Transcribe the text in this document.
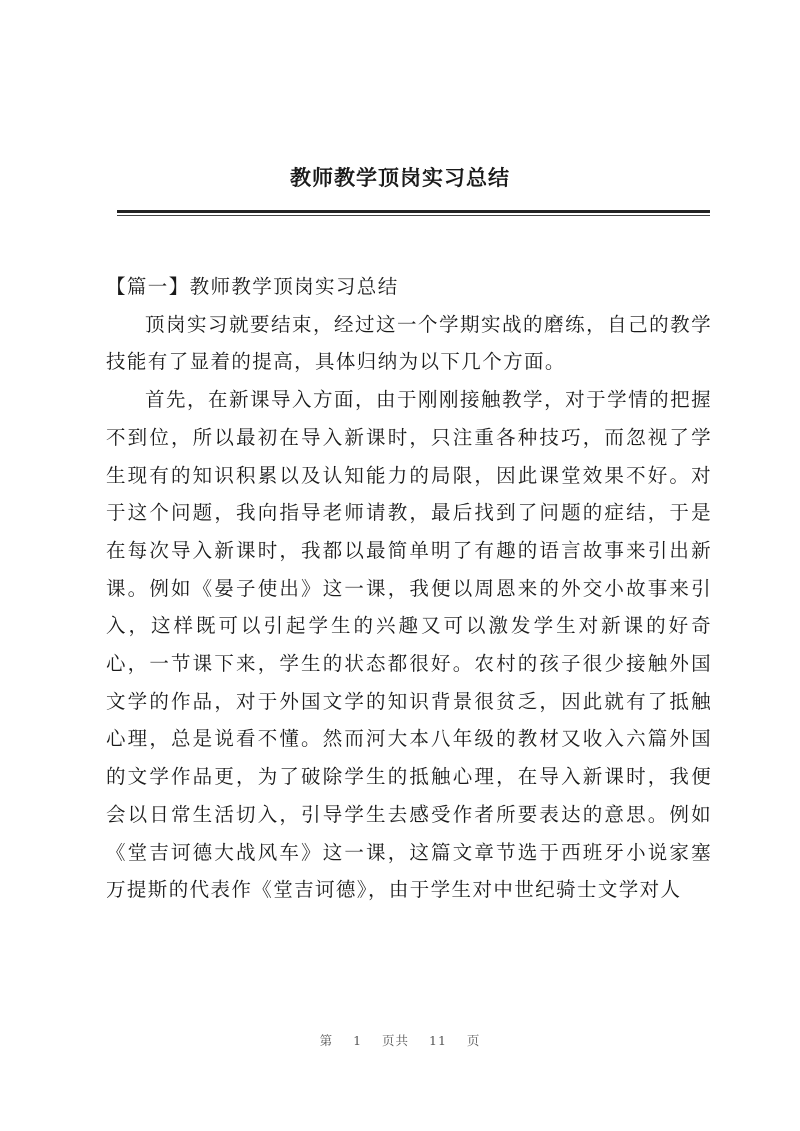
教师教学顶岗实习总结

【篇一】教师教学顶岗实习总结

顶岗实习就要结束，经过这一个学期实战的磨练，自己的教学技能有了显着的提高，具体归纳为以下几个方面。

首先，在新课导入方面，由于刚刚接触教学，对于学情的把握不到位，所以最初在导入新课时，只注重各种技巧，而忽视了学生现有的知识积累以及认知能力的局限，因此课堂效果不好。对于这个问题，我向指导老师请教，最后找到了问题的症结，于是在每次导入新课时，我都以最简单明了有趣的语言故事来引出新课。例如《晏子使出》这一课，我便以周恩来的外交小故事来引入，这样既可以引起学生的兴趣又可以激发学生对新课的好奇心，一节课下来，学生的状态都很好。农村的孩子很少接触外国文学的作品，对于外国文学的知识背景很贫乏，因此就有了抵触心理，总是说看不懂。然而河大本八年级的教材又收入六篇外国的文学作品更，为了破除学生的抵触心理，在导入新课时，我便会以日常生活切入，引导学生去感受作者所要表达的意思。例如《堂吉诃德大战风车》这一课，这篇文章节选于西班牙小说家塞万提斯的代表作《堂吉诃德》，由于学生对中世纪骑士文学对人

第 1 页共 11 页
